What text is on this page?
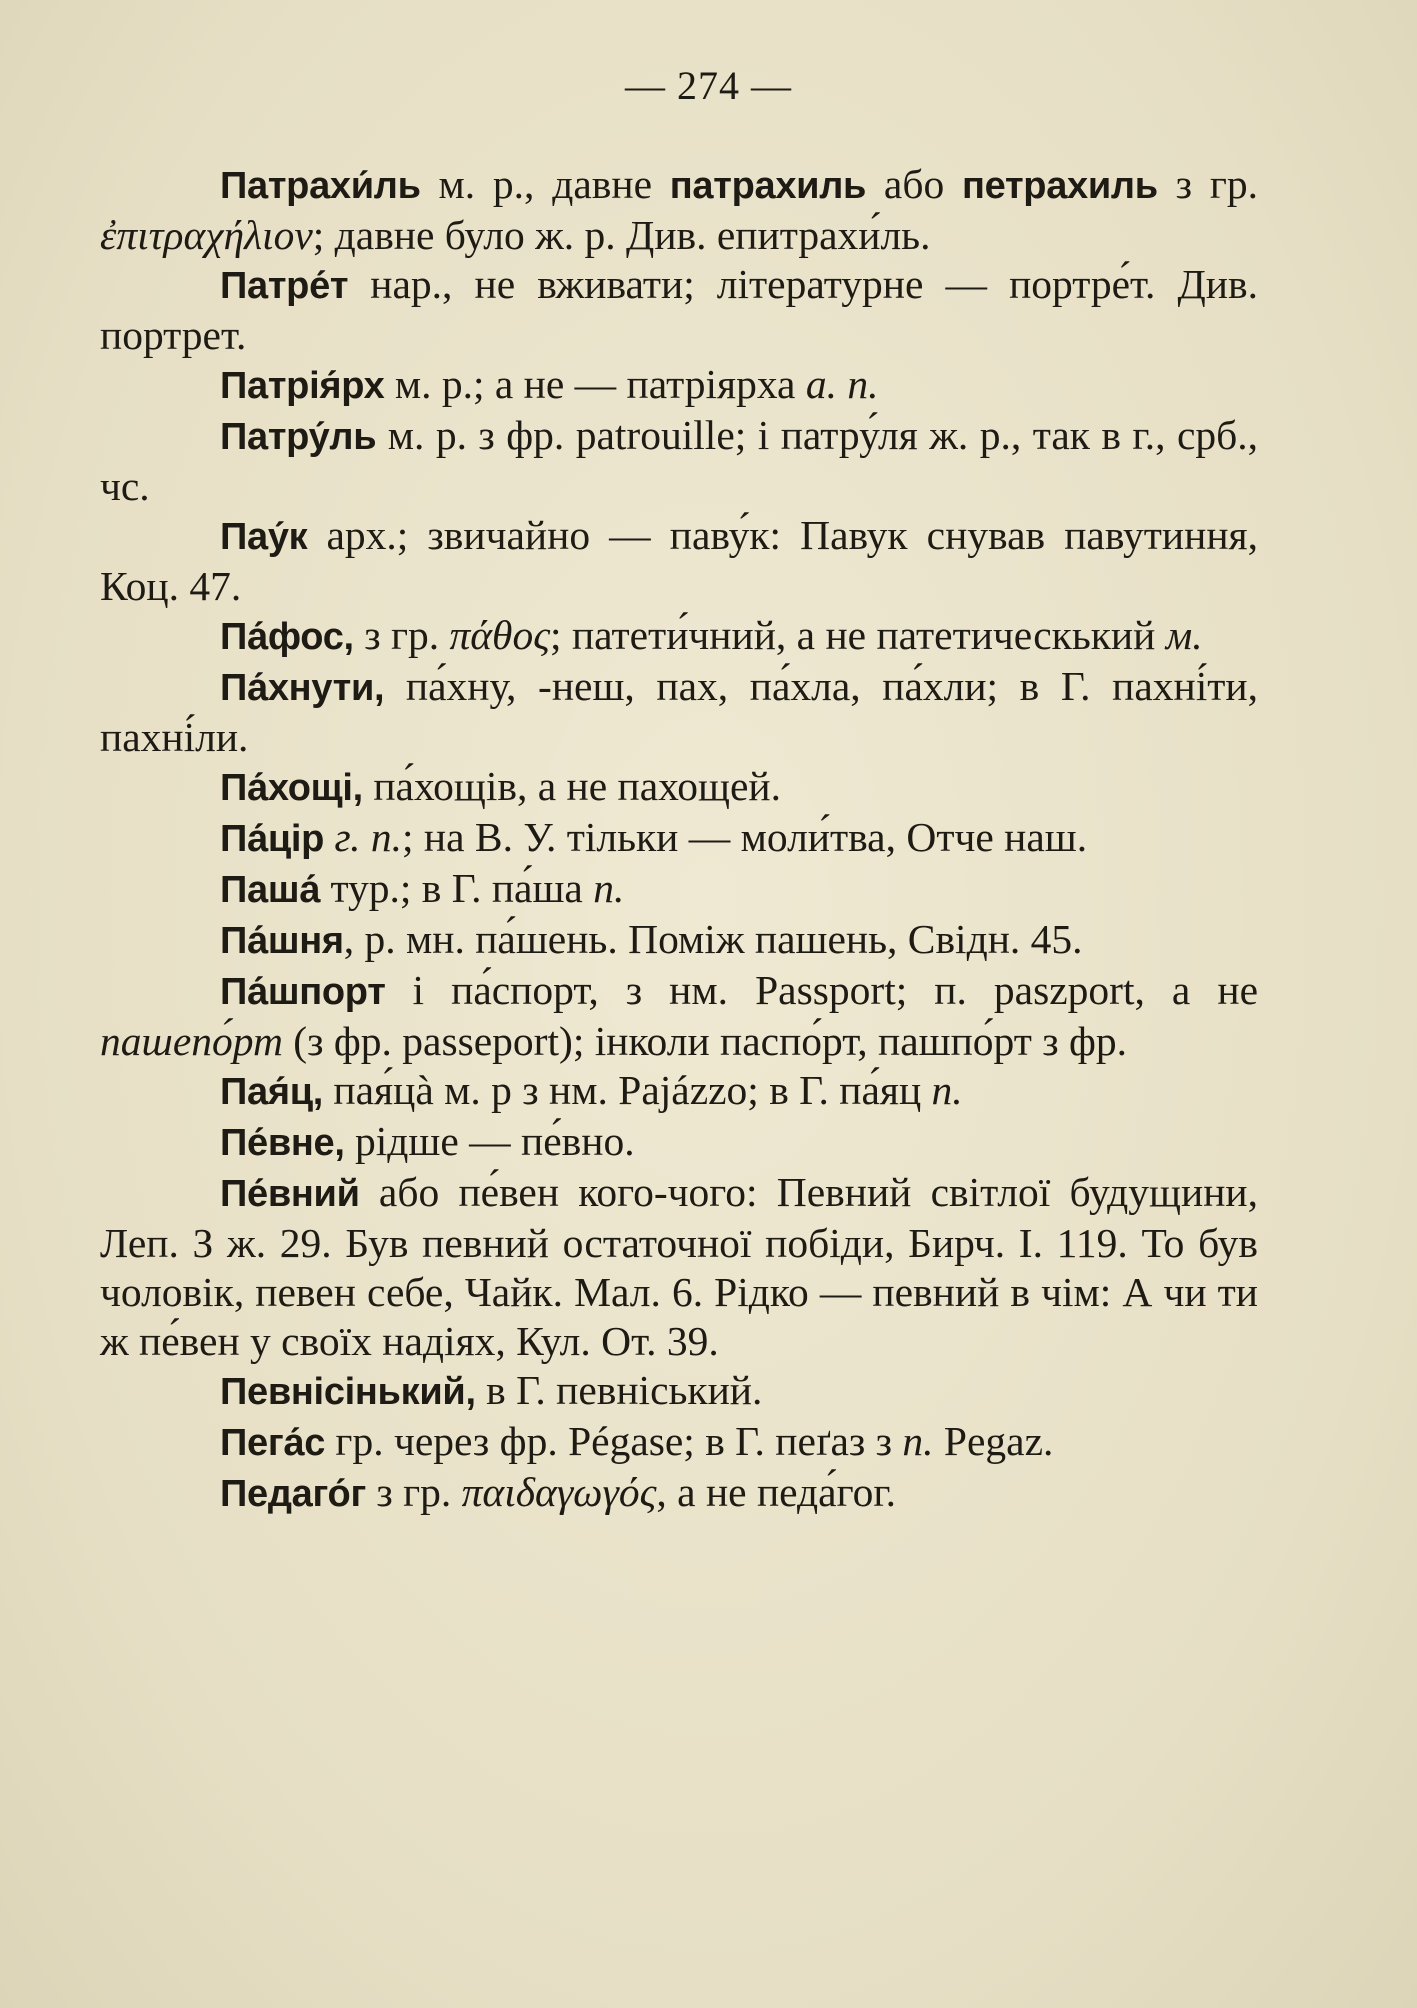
— 274 —

Патрахи́ль м. р., давне патрахиль або петрахиль з гр. ἐπιτραχήλιον; давне було ж. р. Див. епитрахи́ль.

Патре́т нар., не вживати; літературне — портре́т. Див. портрет.

Патрія́рх м. р.; а не — патріярха а. п.

Патру́ль м. р. з фр. patrouille; і патру́ля ж. р., так в г., срб., чс.

Пау́к арх.; звичайно — паву́к: Павук снував павутиння, Коц. 47.

Па́фос, з гр. πάθος; патети́чний, а не патетическький м.

Па́хнути, па́хну, -неш, пах, па́хла, па́хли; в Г. пахні́ти, пахні́ли.

Па́хощі, па́хощів, а не пахощей.

Па́цір г. п.; на В. У. тільки — моли́тва, Отче наш.

Паша́ тур.; в Г. па́ша п.

Па́шня, р. мн. па́шень. Поміж пашень, Свідн. 45.

Па́шпорт і па́спорт, з нм. Passport; п. paszport, а не пашепо́рт (з фр. passeport); інколи паспо́рт, пашпо́рт з фр.

Пая́ц, пая́цà м. р з нм. Pajázzo; в Г. па́яц п.

Пе́вне, рідше — пе́вно.

Пе́вний або пе́вен кого-чого: Певний світлої будущини, Леп. З ж. 29. Був певний остаточної побіди, Бирч. І. 119. То був чоловік, певен себе, Чайк. Мал. 6. Рідко — певний в чім: А чи ти ж пе́вен у своїх надіях, Кул. От. 39.

Певнісінький, в Г. певніський.

Пега́с гр. через фр. Pégase; в Г. пеґаз з п. Pegaz.

Педаго́г з гр. παιδαγωγός, а не педа́гог.
